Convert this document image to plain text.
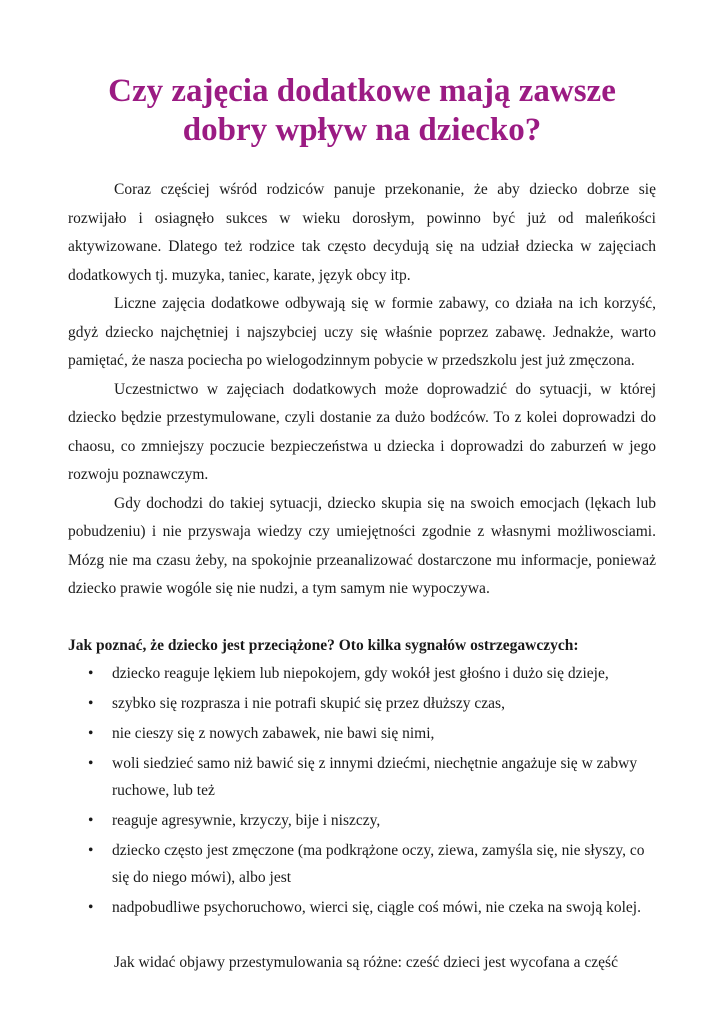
Czy zajęcia dodatkowe mają zawsze
dobry wpływ na dziecko?

Coraz częściej wśród rodziców panuje przekonanie, że aby dziecko dobrze się rozwijało i osiagnęło sukces w wieku dorosłym, powinno być już od maleńkości aktywizowane. Dlatego też rodzice tak często decydują się na udział dziecka w zajęciach dodatkowych tj. muzyka, taniec, karate, język obcy itp.

Liczne zajęcia dodatkowe odbywają się w formie zabawy, co działa na ich korzyść, gdyż dziecko najchętniej i najszybciej uczy się właśnie poprzez zabawę. Jednakże, warto pamiętać, że nasza pociecha po wielogodzinnym pobycie w przedszkolu jest już zmęczona.

Uczestnictwo w zajęciach dodatkowych może doprowadzić do sytuacji, w której dziecko będzie przestymulowane, czyli dostanie za dużo bodźców. To z kolei doprowadzi do chaosu, co zmniejszy poczucie bezpieczeństwa u dziecka i doprowadzi do zaburzeń w jego rozwoju poznawczym.

Gdy dochodzi do takiej sytuacji, dziecko skupia się na swoich emocjach (lękach lub pobudzeniu) i nie przyswaja wiedzy czy umiejętności zgodnie z własnymi możliwosciami. Mózg nie ma czasu żeby, na spokojnie przeanalizować dostarczone mu informacje, ponieważ dziecko prawie wogóle się nie nudzi, a tym samym nie wypoczywa.

Jak poznać, że dziecko jest przeciążone? Oto kilka sygnałów ostrzegawczych:

• dziecko reaguje lękiem lub niepokojem, gdy wokół jest głośno i dużo się dzieje,
• szybko się rozprasza i nie potrafi skupić się przez dłuższy czas,
• nie cieszy się z nowych zabawek, nie bawi się nimi,
• woli siedzieć samo niż bawić się z innymi dziećmi, niechętnie angażuje się w zabwy ruchowe, lub też
• reaguje agresywnie, krzyczy, bije i niszczy,
• dziecko często jest zmęczone (ma podkrążone oczy, ziewa, zamyśla się, nie słyszy, co się do niego mówi), albo jest
• nadpobudliwe psychoruchowo, wierci się, ciągle coś mówi, nie czeka na swoją kolej.

Jak widać objawy przestymulowania są różne: cześć dzieci jest wycofana a część
